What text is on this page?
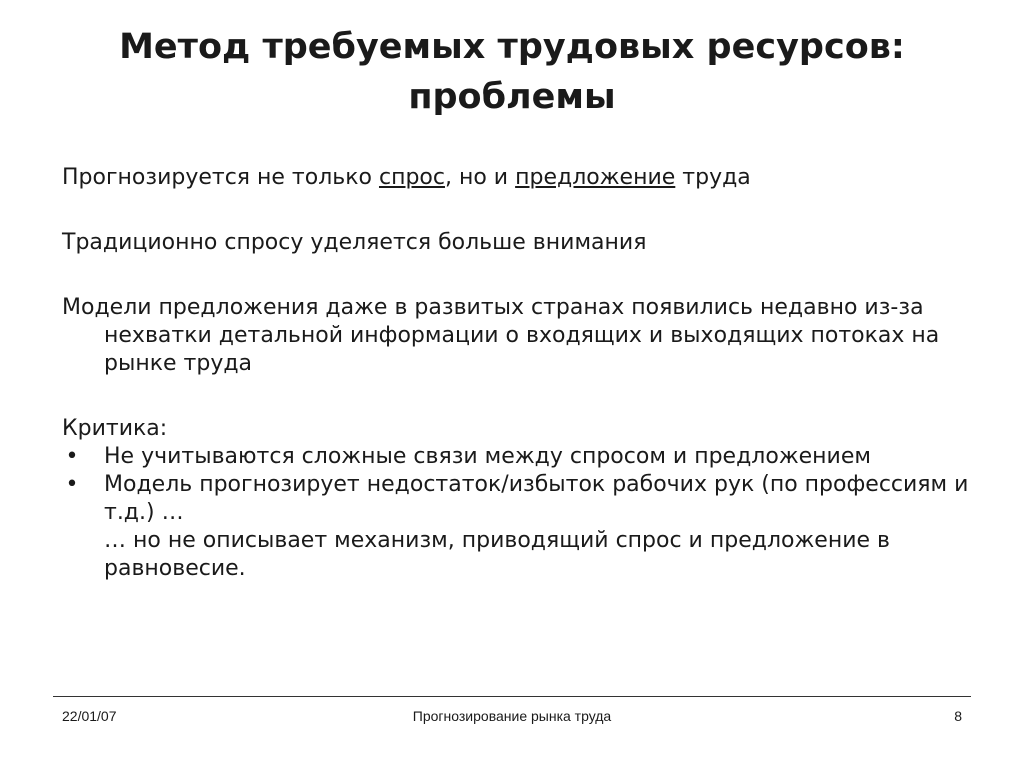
Метод требуемых трудовых ресурсов:
проблемы

Прогнозируется не только спрос, но и предложение труда

Традиционно спросу уделяется больше внимания

Модели предложения даже в развитых странах появились недавно из-за нехватки детальной информации о входящих и выходящих потоках на рынке труда

Критика:

• Не учитываются сложные связи между спросом и предложением
• Модель прогнозирует недостаток/избыток рабочих рук (по профессиям и т.д.) …
… но не описывает механизм, приводящий спрос и предложение в равновесие.
22/01/07	Прогнозирование рынка труда	8
